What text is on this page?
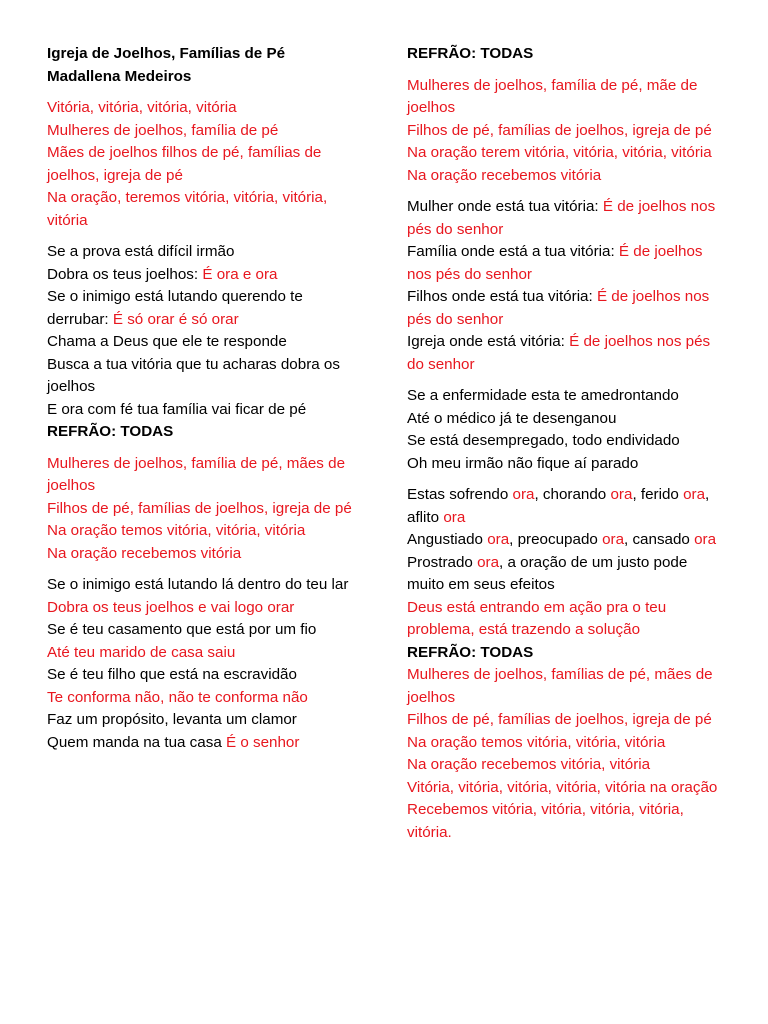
Igreja de Joelhos, Famílias de Pé
Madallena Medeiros
Vitória, vitória, vitória, vitória
Mulheres de joelhos, família de pé
Mães de joelhos filhos de pé, famílias de joelhos, igreja de pé
Na oração, teremos vitória, vitória, vitória, vitória
Se a prova está difícil irmão
Dobra os teus joelhos: É ora e ora
Se o inimigo está lutando querendo te derrubar: É só orar é só orar
Chama a Deus que ele te responde
Busca a tua vitória que tu acharas dobra os joelhos
E ora com fé tua família vai ficar de pé
REFRÃO: TODAS
Mulheres de joelhos, família de pé, mães de joelhos
Filhos de pé, famílias de joelhos, igreja de pé
Na oração temos vitória, vitória, vitória
Na oração recebemos vitória
Se o inimigo está lutando lá dentro do teu lar
Dobra os teus joelhos e vai logo orar
Se é teu casamento que está por um fio
Até teu marido de casa saiu
Se é teu filho que está na escravidão
Te conforma não, não te conforma não
Faz um propósito, levanta um clamor
Quem manda na tua casa É o senhor
REFRÃO: TODAS
Mulheres de joelhos, família de pé, mãe de joelhos
Filhos de pé, famílias de joelhos, igreja de pé
Na oração terem vitória, vitória, vitória, vitória
Na oração recebemos vitória
Mulher onde está tua vitória: É de joelhos nos pés do senhor
Família onde está a tua vitória: É de joelhos nos pés do senhor
Filhos onde está tua vitória: É de joelhos nos pés do senhor
Igreja onde está vitória: É de joelhos nos pés do senhor
Se a enfermidade esta te amedrontando
Até o médico já te desenganou
Se está desempregado, todo endividado
Oh meu irmão não fique aí parado
Estas sofrendo ora, chorando ora, ferido ora, aflito ora
Angustiado ora, preocupado ora, cansado ora
Prostrado ora, a oração de um justo pode muito em seus efeitos
Deus está entrando em ação pra o teu problema, está trazendo a solução
REFRÃO: TODAS
Mulheres de joelhos, famílias de pé, mães de joelhos
Filhos de pé, famílias de joelhos, igreja de pé
Na oração temos vitória, vitória, vitória
Na oração recebemos vitória, vitória
Vitória, vitória, vitória, vitória, vitória na oração
Recebemos vitória, vitória, vitória, vitória, vitória.
